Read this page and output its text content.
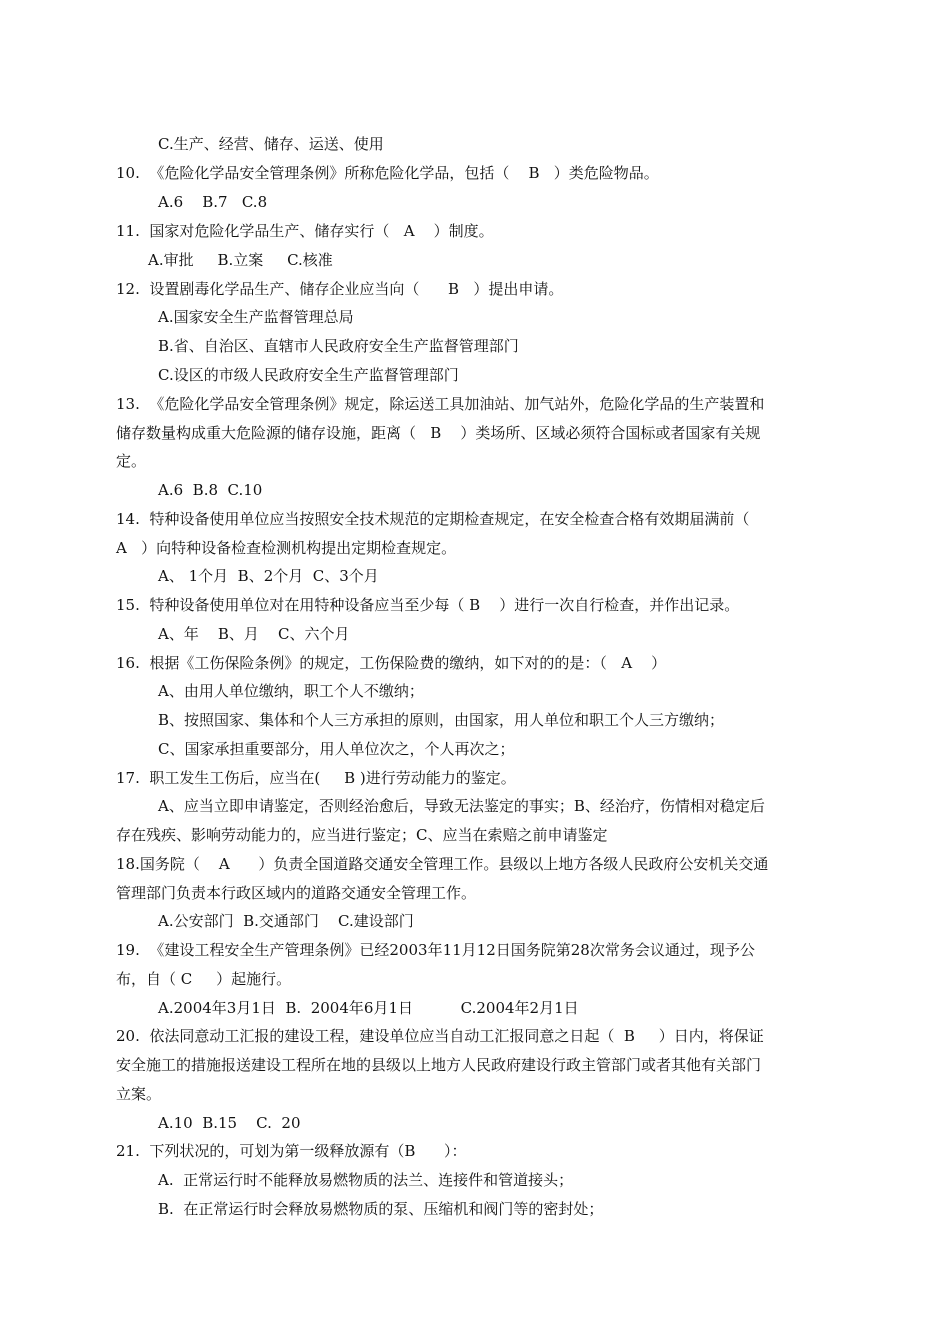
C.生产、经营、储存、运送、使用
10.  《危险化学品安全管理条例》所称危险化学品，包括（    B   ）类危险物品。
A.6    B.7   C.8
11.  国家对危险化学品生产、储存实行（   A    ）制度。
A.审批     B.立案     C.核准
12.  设置剧毒化学品生产、储存企业应当向（      B   ）提出申请。
A.国家安全生产监督管理总局
B.省、自治区、直辖市人民政府安全生产监督管理部门
C.设区的市级人民政府安全生产监督管理部门
13.  《危险化学品安全管理条例》规定，除运送工具加油站、加气站外，危险化学品的生产装置和
储存数量构成重大危险源的储存设施，距离（   B    ）类场所、区域必须符合国标或者国家有关规
定。
A.6  B.8  C.10
14.  特种设备使用单位应当按照安全技术规范的定期检查规定，在安全检查合格有效期届满前（
A   ）向特种设备检查检测机构提出定期检查规定。
A、 1个月  B、2个月  C、3个月
15.  特种设备使用单位对在用特种设备应当至少每（ B    ）进行一次自行检查，并作出记录。
A、年    B、月    C、六个月
16.  根据《工伤保险条例》的规定，工伤保险费的缴纳，如下对的的是：（   A    ）
A、由用人单位缴纳，职工个人不缴纳；
B、按照国家、集体和个人三方承担的原则，由国家，用人单位和职工个人三方缴纳；
C、国家承担重要部分，用人单位次之，个人再次之；
17.  职工发生工伤后，应当在(     B )进行劳动能力的鉴定。
A、应当立即申请鉴定，否则经治愈后，导致无法鉴定的事实；B、经治疗，伤情相对稳定后
存在残疾、影响劳动能力的，应当进行鉴定；C、应当在索赔之前申请鉴定
18.国务院（    A      ）负责全国道路交通安全管理工作。县级以上地方各级人民政府公安机关交通
管理部门负责本行政区域内的道路交通安全管理工作。
A.公安部门  B.交通部门    C.建设部门
19.  《建设工程安全生产管理条例》已经2003年11月12日国务院第28次常务会议通过，现予公
布，自（ C     ）起施行。
A.2004年3月1日  B.  2004年6月1日          C.2004年2月1日
20.  依法同意动工汇报的建设工程，建设单位应当自动工汇报同意之日起（  B     ）日内，将保证
安全施工的措施报送建设工程所在地的县级以上地方人民政府建设行政主管部门或者其他有关部门
立案。
A.10  B.15    C.  20
21.  下列状况的，可划为第一级释放源有（B      ）：
A.  正常运行时不能释放易燃物质的法兰、连接件和管道接头；
B.  在正常运行时会释放易燃物质的泵、压缩机和阀门等的密封处；
